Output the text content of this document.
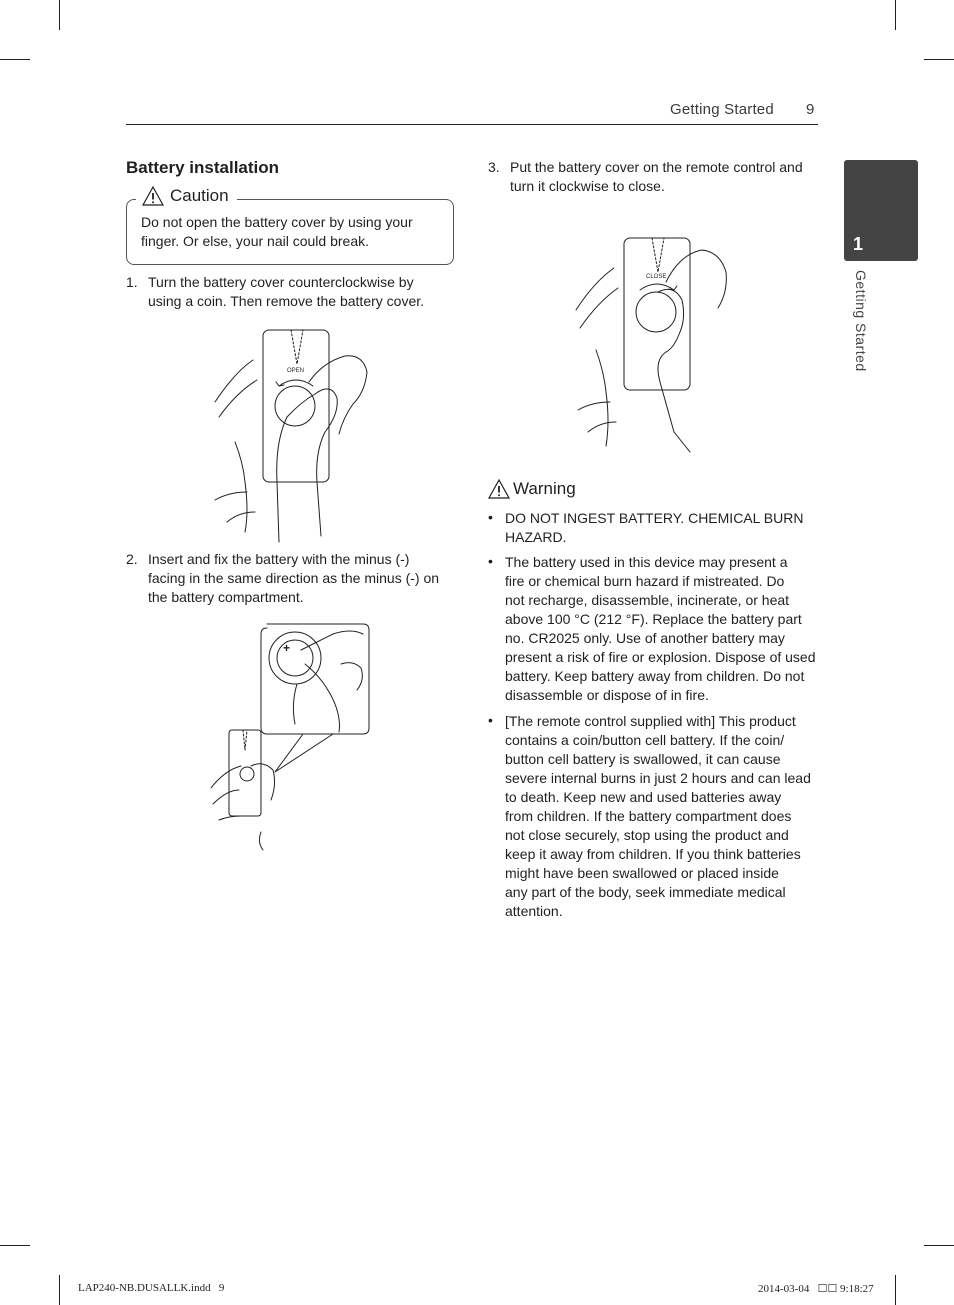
Getting Started 9
1
Getting Started
Battery installation
Caution
Do not open the battery cover by using your
finger. Or else, your nail could break.
1. Turn the battery cover counterclockwise by
using a coin. Then remove the battery cover.
OPEN
2. Insert and fix the battery with the minus (-)
facing in the same direction as the minus (-) on
the battery compartment.
+
3. Put the battery cover on the remote control and
turn it clockwise to close.
CLOSE
Warning
• DO NOT INGEST BATTERY. CHEMICAL BURN
HAZARD.
• The battery used in this device may present a
fire or chemical burn hazard if mistreated. Do
not recharge, disassemble, incinerate, or heat
above 100 °C (212 °F). Replace the battery part
no. CR2025 only. Use of another battery may
present a risk of fire or explosion. Dispose of used
battery. Keep battery away from children. Do not
disassemble or dispose of in fire.
• [The remote control supplied with] This product
contains a coin/button cell battery. If the coin/
button cell battery is swallowed, it can cause
severe internal burns in just 2 hours and can lead
to death. Keep new and used batteries away
from children. If the battery compartment does
not close securely, stop using the product and
keep it away from children. If you think batteries
might have been swallowed or placed inside
any part of the body, seek immediate medical
attention.
LAP240-NB.DUSALLK.indd   9	2014-03-04   ☐☐ 9:18:27
